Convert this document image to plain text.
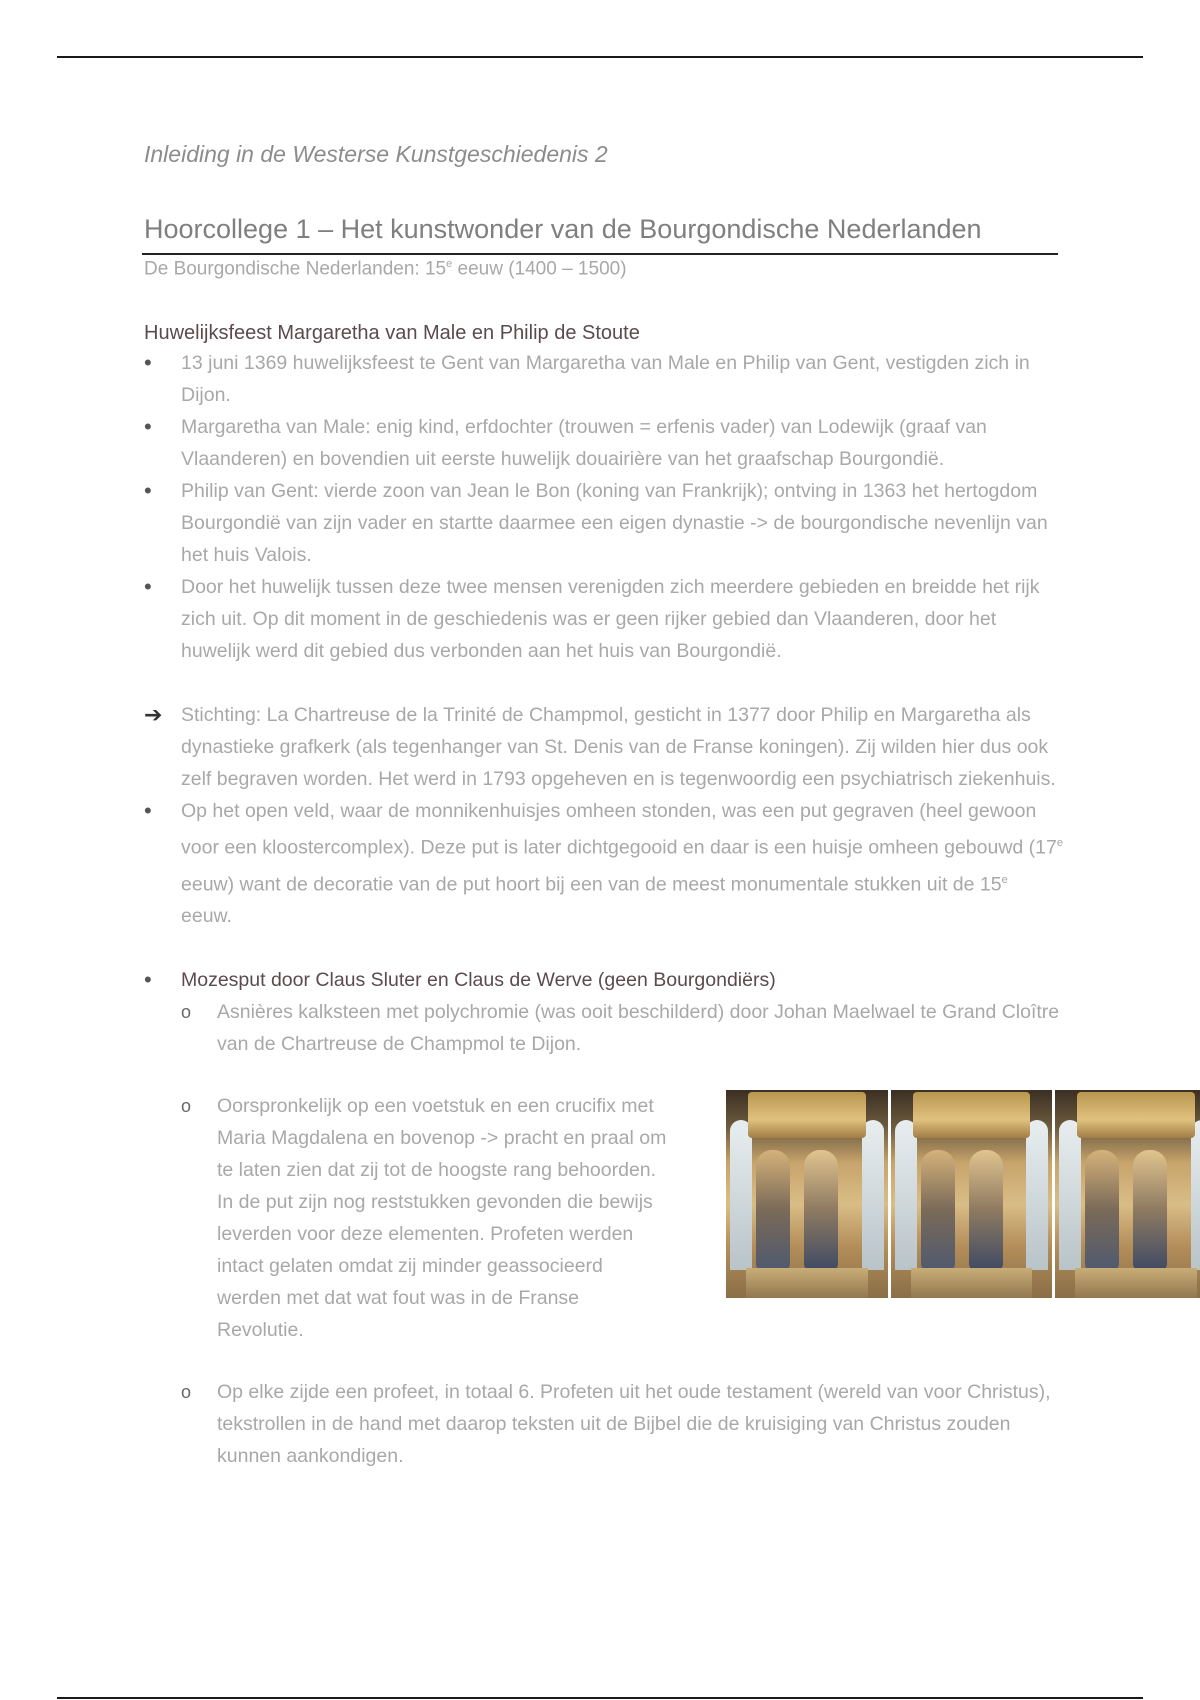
Inleiding in de Westerse Kunstgeschiedenis 2

Hoorcollege 1 – Het kunstwonder van de Bourgondische Nederlanden
De Bourgondische Nederlanden: 15e eeuw (1400 – 1500)
Huwelijksfeest Margaretha van Male en Philip de Stoute
•
13 juni 1369 huwelijksfeest te Gent van Margaretha van Male en Philip van Gent, vestigden zich in Dijon.
•
Margaretha van Male: enig kind, erfdochter (trouwen = erfenis vader) van Lodewijk (graaf van Vlaanderen) en bovendien uit eerste huwelijk douairière van het graafschap Bourgondië.
•
Philip van Gent: vierde zoon van Jean le Bon (koning van Frankrijk); ontving in 1363 het hertogdom Bourgondië van zijn vader en startte daarmee een eigen dynastie -> de bourgondische nevenlijn van het huis Valois.
•
Door het huwelijk tussen deze twee mensen verenigden zich meerdere gebieden en breidde het rijk zich uit. Op dit moment in de geschiedenis was er geen rijker gebied dan Vlaanderen, door het huwelijk werd dit gebied dus verbonden aan het huis van Bourgondië.
➔ Stichting: La Chartreuse de la Trinité de Champmol, gesticht in 1377 door Philip en Margaretha als dynastieke grafkerk (als tegenhanger van St. Denis van de Franse koningen). Zij wilden hier dus ook zelf begraven worden. Het werd in 1793 opgeheven en is tegenwoordig een psychiatrisch ziekenhuis.
•
Op het open veld, waar de monnikenhuisjes omheen stonden, was een put gegraven (heel gewoon voor een kloostercomplex). Deze put is later dichtgegooid en daar is een huisje omheen gebouwd (17e eeuw) want de decoratie van de put hoort bij een van de meest monumentale stukken uit de 15e eeuw.
•
Mozesput door Claus Sluter en Claus de Werve (geen Bourgondiërs)
o	Asnières kalksteen met polychromie (was ooit beschilderd) door Johan Maelwael te Grand Cloître van de Chartreuse de Champmol te Dijon.
o	Oorspronkelijk op een voetstuk en een crucifix met Maria Magdalena en bovenop -> pracht en praal om te laten zien dat zij tot de hoogste rang behoorden. In de put zijn nog reststukken gevonden die bewijs leverden voor deze elementen. Profeten werden intact gelaten omdat zij minder geassocieerd werden met dat wat fout was in de Franse Revolutie.
o	Op elke zijde een profeet, in totaal 6. Profeten uit het oude testament (wereld van voor Christus), tekstrollen in de hand met daarop teksten uit de Bijbel die de kruisiging van Christus zouden kunnen aankondigen.
